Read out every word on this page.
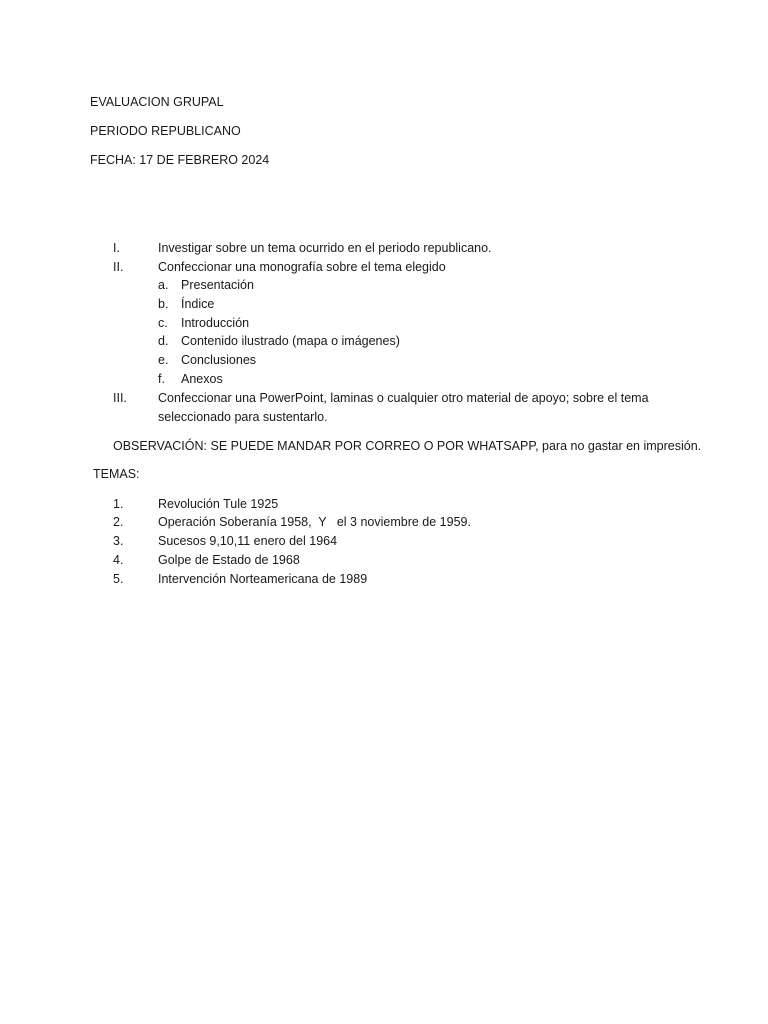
EVALUACION GRUPAL
PERIODO REPUBLICANO
FECHA: 17 DE FEBRERO 2024
I.	Investigar sobre un tema ocurrido en el periodo republicano.
II.	Confeccionar una monografía sobre el tema elegido
a. Presentación
b. Índice
c. Introducción
d. Contenido ilustrado (mapa o imágenes)
e. Conclusiones
f. Anexos
III. Confeccionar una PowerPoint, laminas o cualquier otro material de apoyo; sobre el tema
seleccionado para sustentarlo.
OBSERVACIÓN: SE PUEDE MANDAR POR CORREO O POR WHATSAPP, para no gastar en impresión.
TEMAS:
1.	Revolución Tule 1925
2.	Operación Soberanía 1958,  Y   el 3 noviembre de 1959.
3.	Sucesos 9,10,11 enero del 1964
4.	Golpe de Estado de 1968
5.	Intervención Norteamericana de 1989
